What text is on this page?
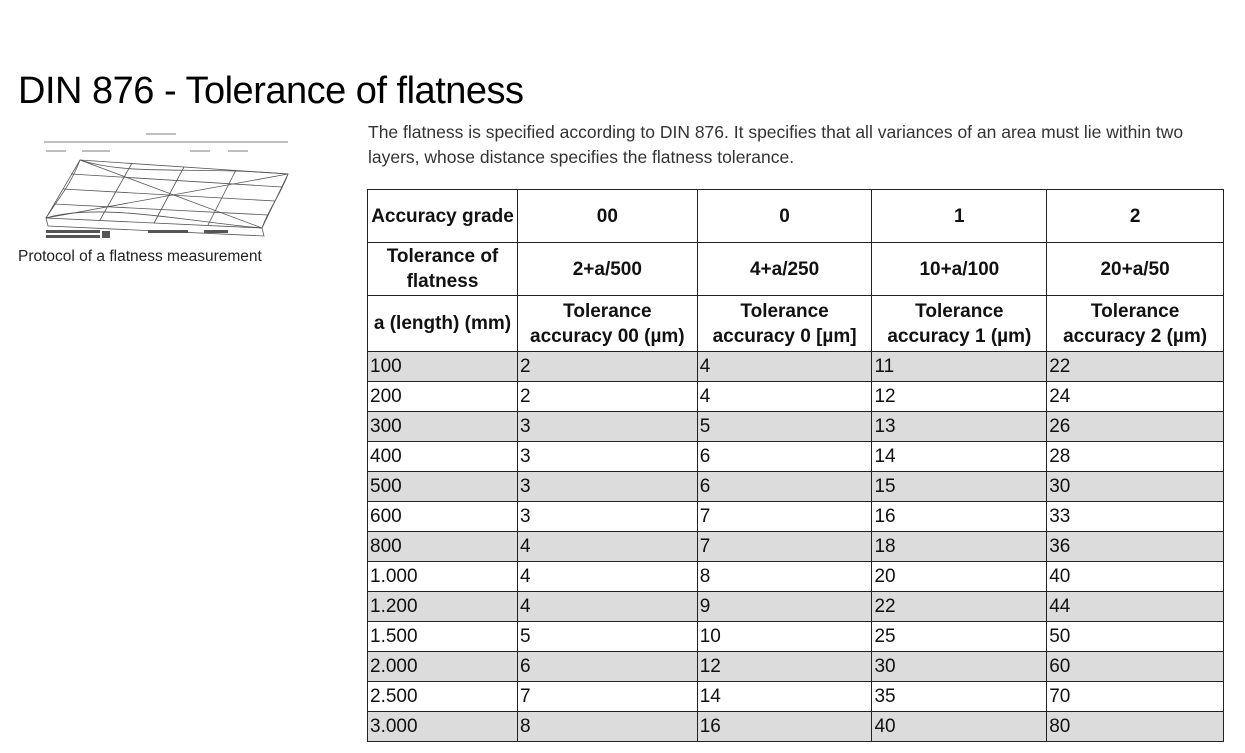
DIN 876 - Tolerance of flatness
Protocol of a flatness measurement

The flatness is specified according to DIN 876. It specifies that all variances of an area must lie within two layers, whose distance specifies the flatness tolerance.

Accuracy grade	00	0	1	2
Tolerance of flatness	2+a/500	4+a/250	10+a/100	20+a/50
a (length) (mm)	Tolerance accuracy 00 (µm)	Tolerance accuracy 0 [µm]	Tolerance accuracy 1 (µm)	Tolerance accuracy 2 (µm)
100	2	4	11	22
200	2	4	12	24
300	3	5	13	26
400	3	6	14	28
500	3	6	15	30
600	3	7	16	33
800	4	7	18	36
1.000	4	8	20	40
1.200	4	9	22	44
1.500	5	10	25	50
2.000	6	12	30	60
2.500	7	14	35	70
3.000	8	16	40	80
